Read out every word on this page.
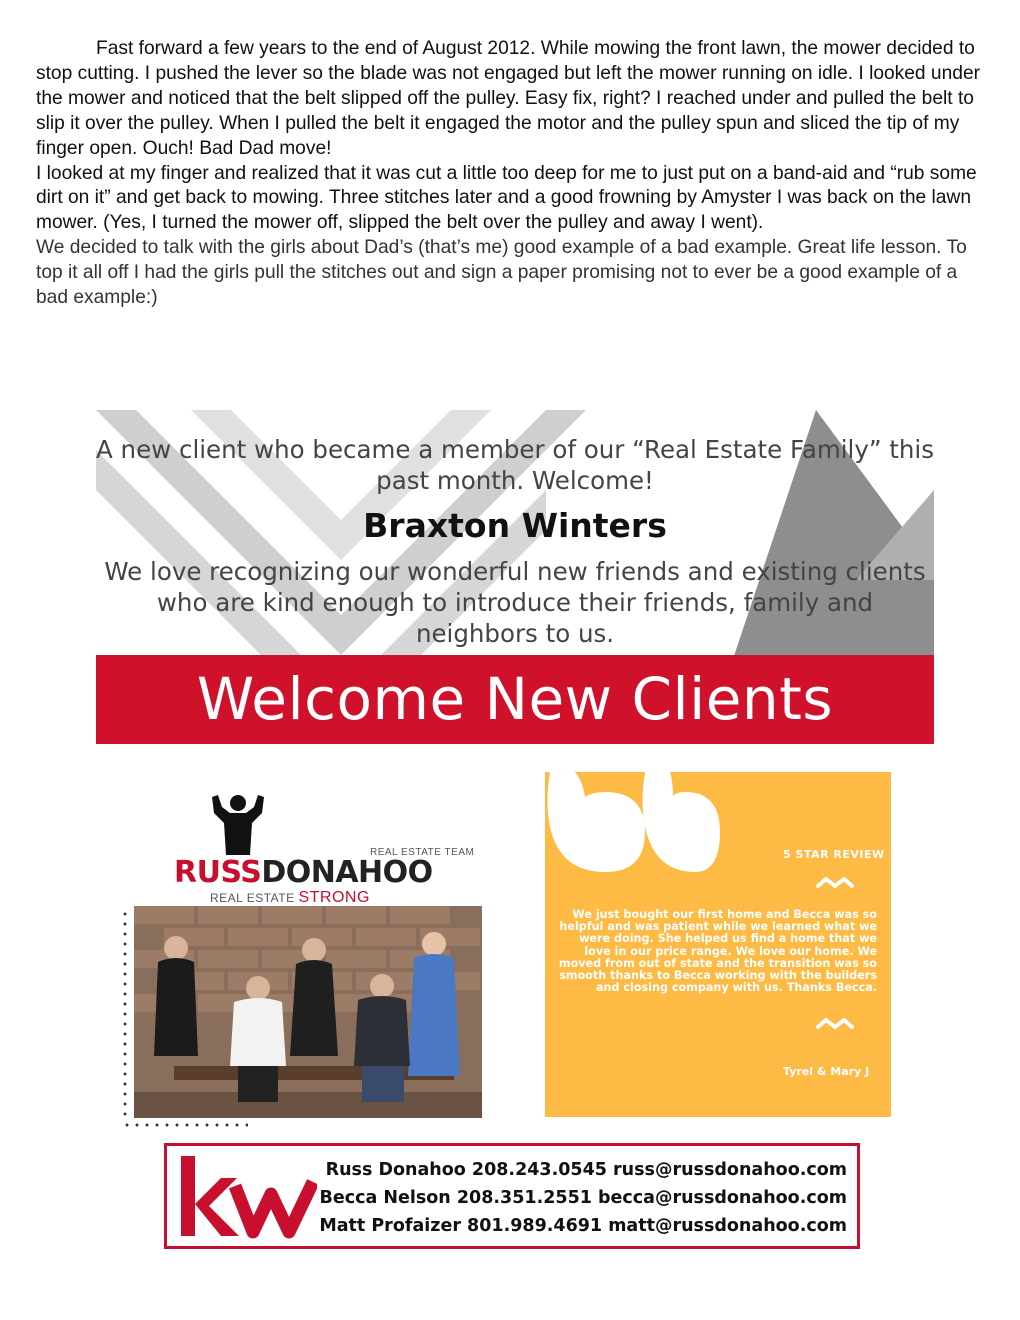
Fast forward a few years to the end of August 2012. While mowing the front lawn, the mower decided to stop cutting. I pushed the lever so the blade was not engaged but left the mower running on idle. I looked under the mower and noticed that the belt slipped off the pulley. Easy fix, right? I reached under and pulled the belt to slip it over the pulley. When I pulled the belt it engaged the motor and the pulley spun and sliced the tip of my finger open. Ouch! Bad Dad move!

I looked at my finger and realized that it was cut a little too deep for me to just put on a band-aid and “rub some dirt on it” and get back to mowing. Three stitches later and a good frowning by Amyster I was back on the lawn mower. (Yes, I turned the mower off, slipped the belt over the pulley and away I went).

We decided to talk with the girls about Dad’s (that’s me) good example of a bad example. Great life lesson. To top it all off I had the girls pull the stitches out and sign a paper promising not to ever be a good example of a bad example:)

A new client who became a member of our “Real Estate Family” this past month. Welcome!
Braxton Winters
We love recognizing our wonderful new friends and existing clients who are kind enough to introduce their friends, family and neighbors to us.
Welcome New Clients
REAL ESTATE TEAM
RUSSDONAHOO
REAL ESTATE STRONG
5 STAR REVIEW
We just bought our first home and Becca was so helpful and was patient while we learned what we were doing. She helped us find a home that we love in our price range. We love our home. We moved from out of state and the transition was so smooth thanks to Becca working with the builders and closing company with us. Thanks Becca.
Tyrel & Mary J
Russ Donahoo 208.243.0545 russ@russdonahoo.com
Becca Nelson 208.351.2551 becca@russdonahoo.com
Matt Profaizer 801.989.4691 matt@russdonahoo.com
